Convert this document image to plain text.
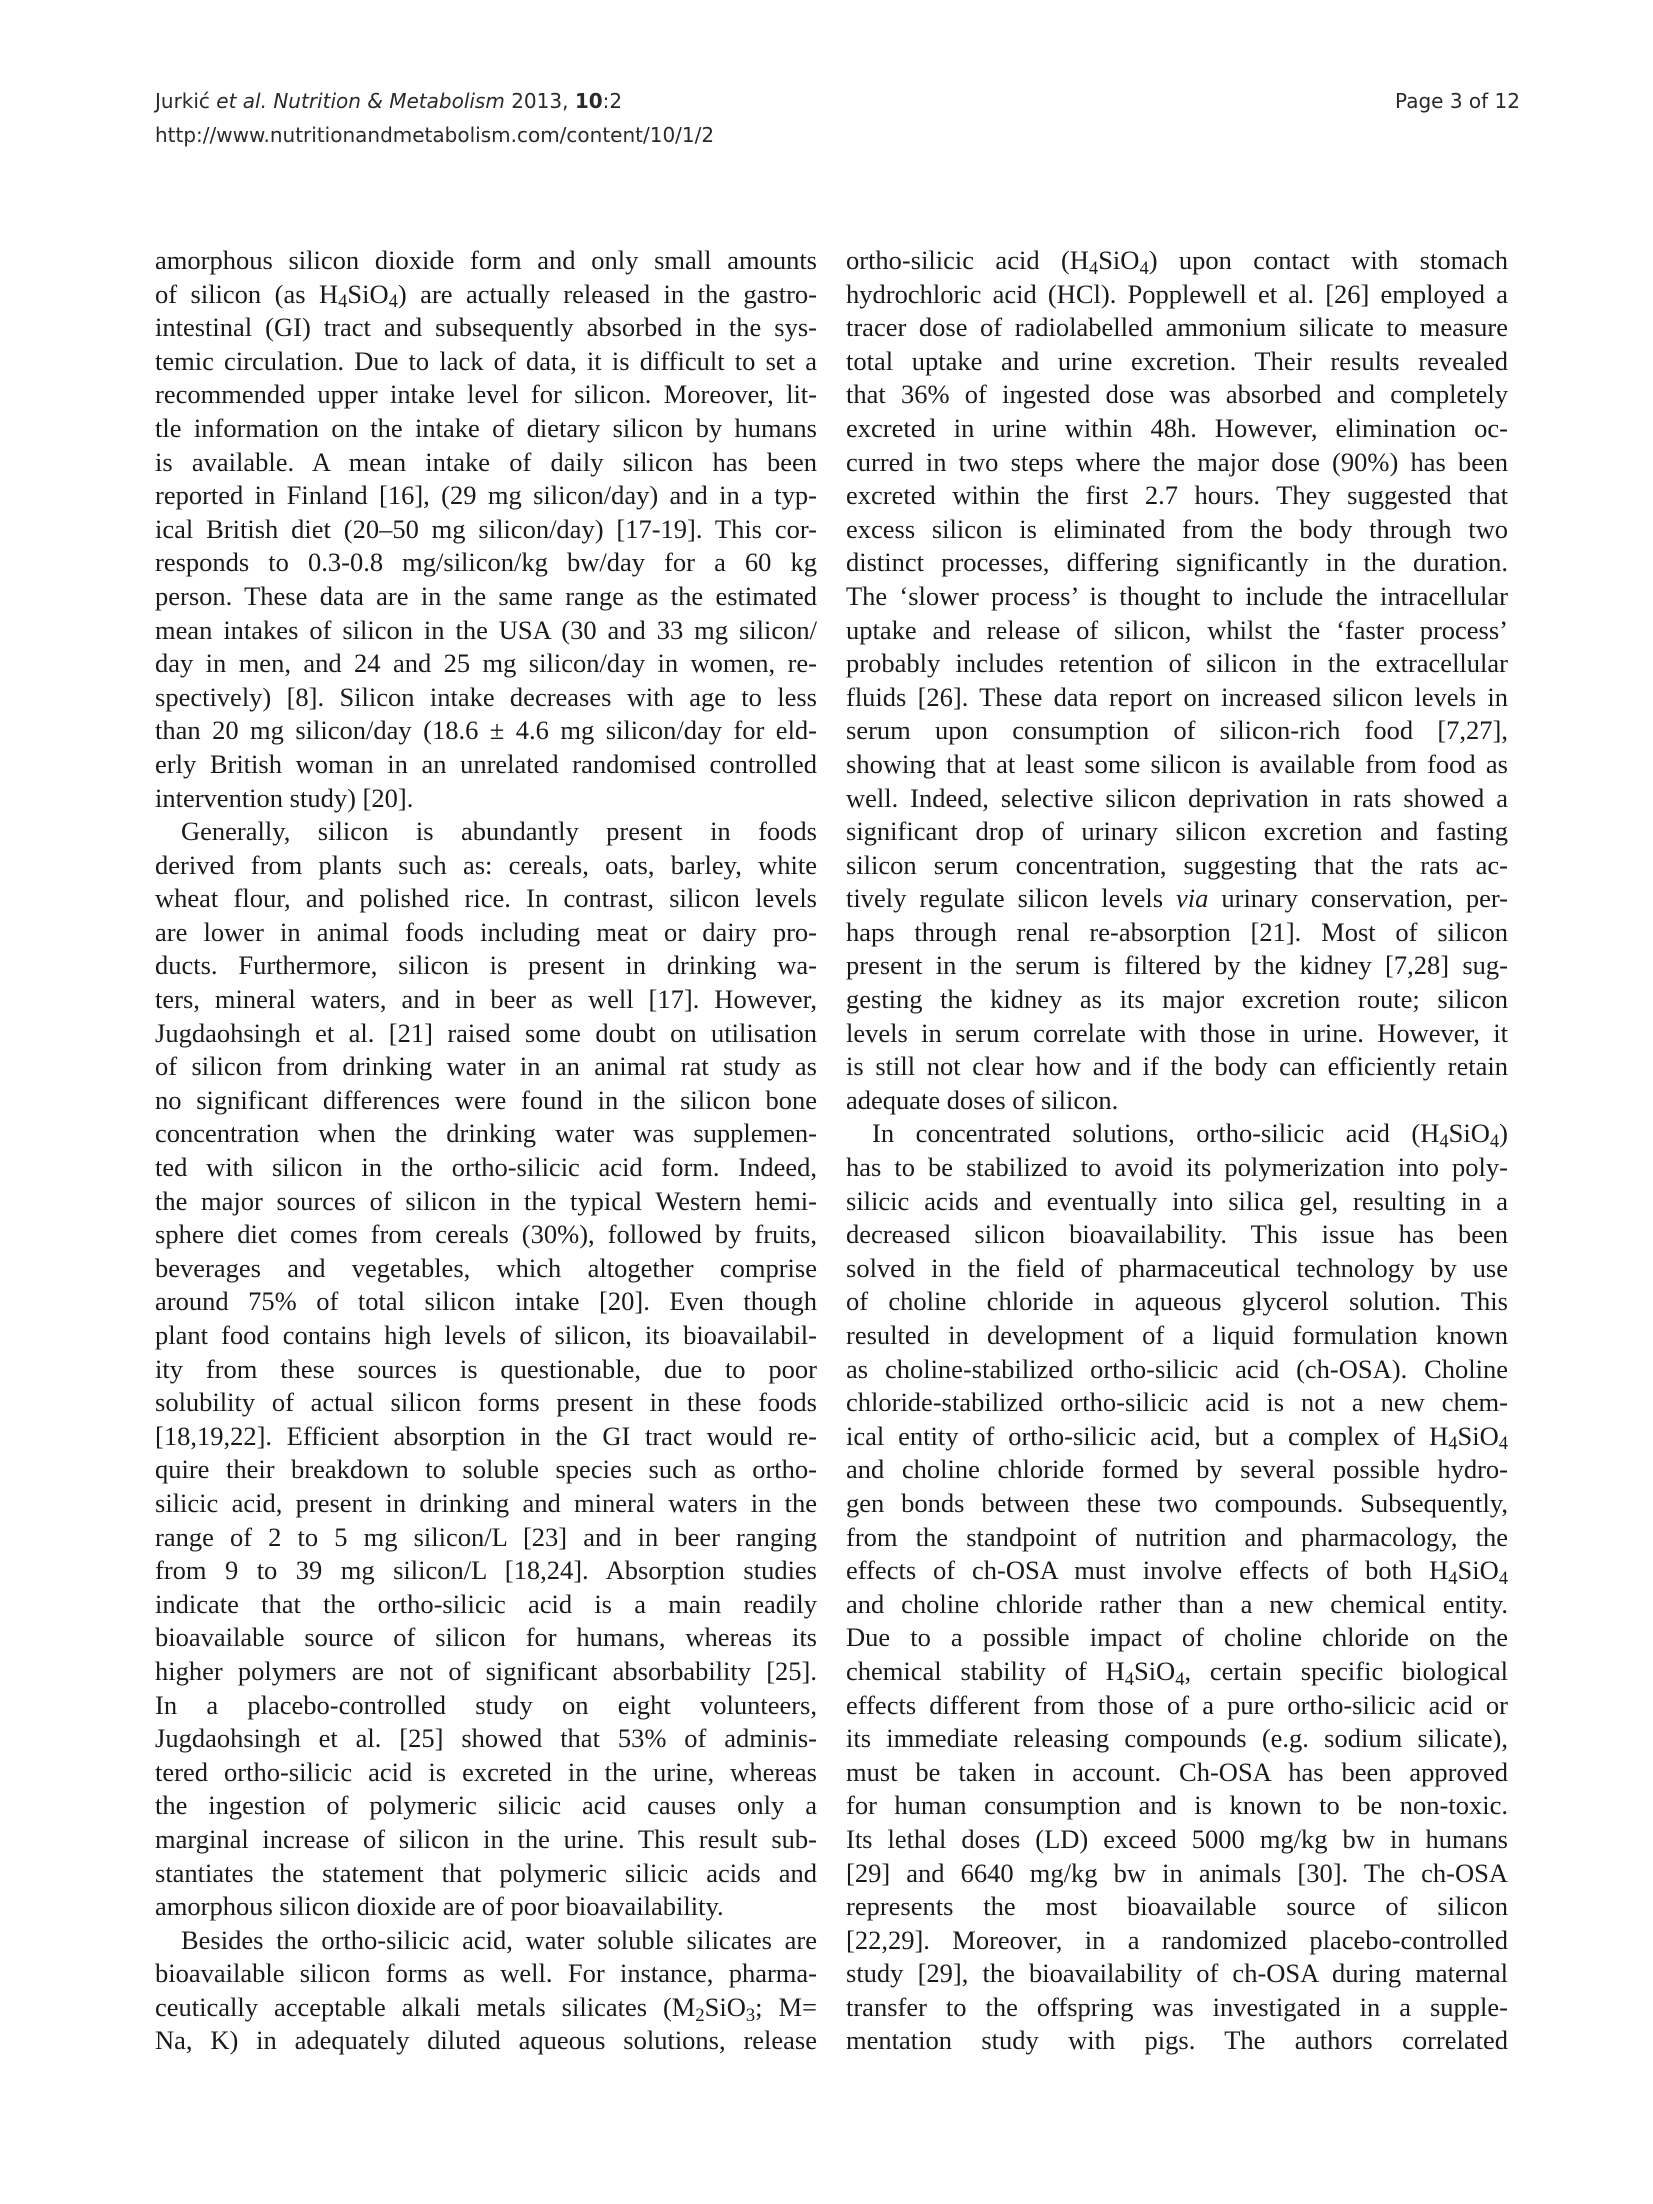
Jurkić et al. Nutrition & Metabolism 2013, 10:2	Page 3 of 12
http://www.nutritionandmetabolism.com/content/10/1/2
amorphous silicon dioxide form and only small amounts
of silicon (as $H_4SiO_4$) are actually released in the gastro-
intestinal (GI) tract and subsequently absorbed in the sys-
temic circulation. Due to lack of data, it is difficult to set a
recommended upper intake level for silicon. Moreover, lit-
tle information on the intake of dietary silicon by humans
is available. A mean intake of daily silicon has been
reported in Finland [16], (29 mg silicon/day) and in a typ-
ical British diet (20–50 mg silicon/day) [17-19]. This cor-
responds to 0.3-0.8 mg/silicon/kg bw/day for a 60 kg
person. These data are in the same range as the estimated
mean intakes of silicon in the USA (30 and 33 mg silicon/
day in men, and 24 and 25 mg silicon/day in women, re-
spectively) [8]. Silicon intake decreases with age to less
than 20 mg silicon/day (18.6 ± 4.6 mg silicon/day for eld-
erly British woman in an unrelated randomised controlled
intervention study) [20].
Generally, silicon is abundantly present in foods
derived from plants such as: cereals, oats, barley, white
wheat flour, and polished rice. In contrast, silicon levels
are lower in animal foods including meat or dairy pro-
ducts. Furthermore, silicon is present in drinking wa-
ters, mineral waters, and in beer as well [17]. However,
Jugdaohsingh et al. [21] raised some doubt on utilisation
of silicon from drinking water in an animal rat study as
no significant differences were found in the silicon bone
concentration when the drinking water was supplemen-
ted with silicon in the ortho-silicic acid form. Indeed,
the major sources of silicon in the typical Western hemi-
sphere diet comes from cereals (30%), followed by fruits,
beverages and vegetables, which altogether comprise
around 75% of total silicon intake [20]. Even though
plant food contains high levels of silicon, its bioavailabil-
ity from these sources is questionable, due to poor
solubility of actual silicon forms present in these foods
[18,19,22]. Efficient absorption in the GI tract would re-
quire their breakdown to soluble species such as ortho-
silicic acid, present in drinking and mineral waters in the
range of 2 to 5 mg silicon/L [23] and in beer ranging
from 9 to 39 mg silicon/L [18,24]. Absorption studies
indicate that the ortho-silicic acid is a main readily
bioavailable source of silicon for humans, whereas its
higher polymers are not of significant absorbability [25].
In a placebo-controlled study on eight volunteers,
Jugdaohsingh et al. [25] showed that 53% of adminis-
tered ortho-silicic acid is excreted in the urine, whereas
the ingestion of polymeric silicic acid causes only a
marginal increase of silicon in the urine. This result sub-
stantiates the statement that polymeric silicic acids and
amorphous silicon dioxide are of poor bioavailability.
Besides the ortho-silicic acid, water soluble silicates are
bioavailable silicon forms as well. For instance, pharma-
ceutically acceptable alkali metals silicates ($M_2SiO_3$; M=
Na, K) in adequately diluted aqueous solutions, release
ortho-silicic acid $(H_4SiO_4)$ upon contact with stomach
hydrochloric acid (HCl). Popplewell et al. [26] employed a
tracer dose of radiolabelled ammonium silicate to measure
total uptake and urine excretion. Their results revealed
that 36% of ingested dose was absorbed and completely
excreted in urine within 48h. However, elimination oc-
curred in two steps where the major dose (90%) has been
excreted within the first 2.7 hours. They suggested that
excess silicon is eliminated from the body through two
distinct processes, differing significantly in the duration.
The ‘slower process’ is thought to include the intracellular
uptake and release of silicon, whilst the ‘faster process’
probably includes retention of silicon in the extracellular
fluids [26]. These data report on increased silicon levels in
serum upon consumption of silicon-rich food [7,27],
showing that at least some silicon is available from food as
well. Indeed, selective silicon deprivation in rats showed a
significant drop of urinary silicon excretion and fasting
silicon serum concentration, suggesting that the rats ac-
tively regulate silicon levels via urinary conservation, per-
haps through renal re-absorption [21]. Most of silicon
present in the serum is filtered by the kidney [7,28] sug-
gesting the kidney as its major excretion route; silicon
levels in serum correlate with those in urine. However, it
is still not clear how and if the body can efficiently retain
adequate doses of silicon.
In concentrated solutions, ortho-silicic acid $(H_4SiO_4)$
has to be stabilized to avoid its polymerization into poly-
silicic acids and eventually into silica gel, resulting in a
decreased silicon bioavailability. This issue has been
solved in the field of pharmaceutical technology by use
of choline chloride in aqueous glycerol solution. This
resulted in development of a liquid formulation known
as choline-stabilized ortho-silicic acid (ch-OSA). Choline
chloride-stabilized ortho-silicic acid is not a new chem-
ical entity of ortho-silicic acid, but a complex of $H_4SiO_4$
and choline chloride formed by several possible hydro-
gen bonds between these two compounds. Subsequently,
from the standpoint of nutrition and pharmacology, the
effects of ch-OSA must involve effects of both $H_4SiO_4$
and choline chloride rather than a new chemical entity.
Due to a possible impact of choline chloride on the
chemical stability of $H_4SiO_4$, certain specific biological
effects different from those of a pure ortho-silicic acid or
its immediate releasing compounds (e.g. sodium silicate),
must be taken in account. Ch-OSA has been approved
for human consumption and is known to be non-toxic.
Its lethal doses (LD) exceed 5000 mg/kg bw in humans
[29] and 6640 mg/kg bw in animals [30]. The ch-OSA
represents the most bioavailable source of silicon
[22,29]. Moreover, in a randomized placebo-controlled
study [29], the bioavailability of ch-OSA during maternal
transfer to the offspring was investigated in a supple-
mentation study with pigs. The authors correlated
